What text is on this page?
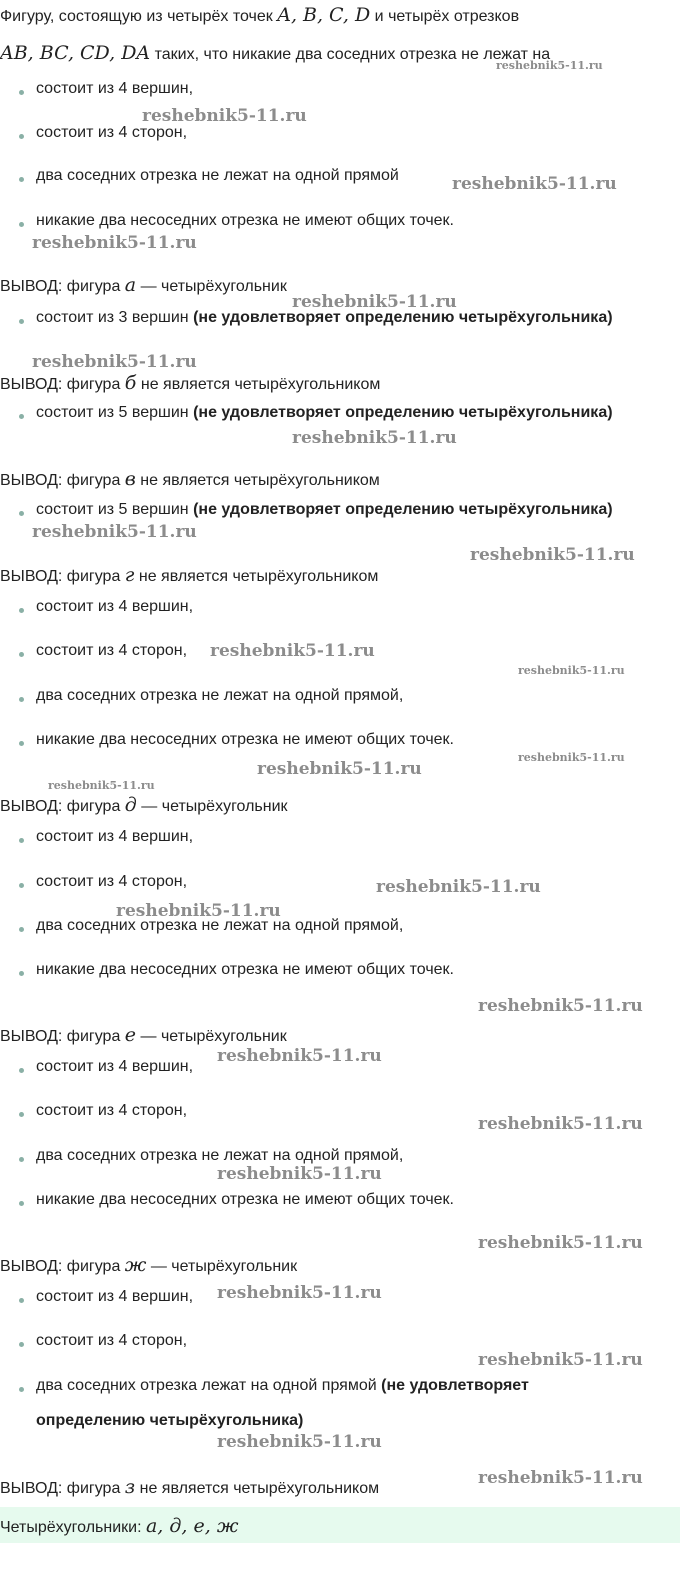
Фигуру, состоящую из четырёх точек A, B, C, D и четырёх отрезков
AB, BC, CD, DA таких, что никакие два соседних отрезка не лежат на
состоит из 4 вершин,
состоит из 4 сторон,
два соседних отрезка не лежат на одной прямой
никакие два несоседних отрезка не имеют общих точек.
ВЫВОД: фигура а — четырёхугольник
состоит из 3 вершин (не удовлетворяет определению четырёхугольника)
ВЫВОД: фигура б не является четырёхугольником
состоит из 5 вершин (не удовлетворяет определению четырёхугольника)
ВЫВОД: фигура в не является четырёхугольником
состоит из 5 вершин (не удовлетворяет определению четырёхугольника)
ВЫВОД: фигура г не является четырёхугольником
состоит из 4 вершин,
состоит из 4 сторон,
два соседних отрезка не лежат на одной прямой,
никакие два несоседних отрезка не имеют общих точек.
ВЫВОД: фигура д — четырёхугольник
состоит из 4 вершин,
состоит из 4 сторон,
два соседних отрезка не лежат на одной прямой,
никакие два несоседних отрезка не имеют общих точек.
ВЫВОД: фигура е — четырёхугольник
состоит из 4 вершин,
состоит из 4 сторон,
два соседних отрезка не лежат на одной прямой,
никакие два несоседних отрезка не имеют общих точек.
ВЫВОД: фигура ж — четырёхугольник
состоит из 4 вершин,
состоит из 4 сторон,
два соседних отрезка лежат на одной прямой (не удовлетворяет
определению четырёхугольника)
ВЫВОД: фигура з не является четырёхугольником
Четырёхугольники: а, д, е, ж
reshebnik5-11.ru
reshebnik5-11.ru
reshebnik5-11.ru
reshebnik5-11.ru
reshebnik5-11.ru
reshebnik5-11.ru
reshebnik5-11.ru
reshebnik5-11.ru
reshebnik5-11.ru
reshebnik5-11.ru
reshebnik5-11.ru
reshebnik5-11.ru
reshebnik5-11.ru
reshebnik5-11.ru
reshebnik5-11.ru
reshebnik5-11.ru
reshebnik5-11.ru
reshebnik5-11.ru
reshebnik5-11.ru
reshebnik5-11.ru
reshebnik5-11.ru
reshebnik5-11.ru
reshebnik5-11.ru
reshebnik5-11.ru
reshebnik5-11.ru
